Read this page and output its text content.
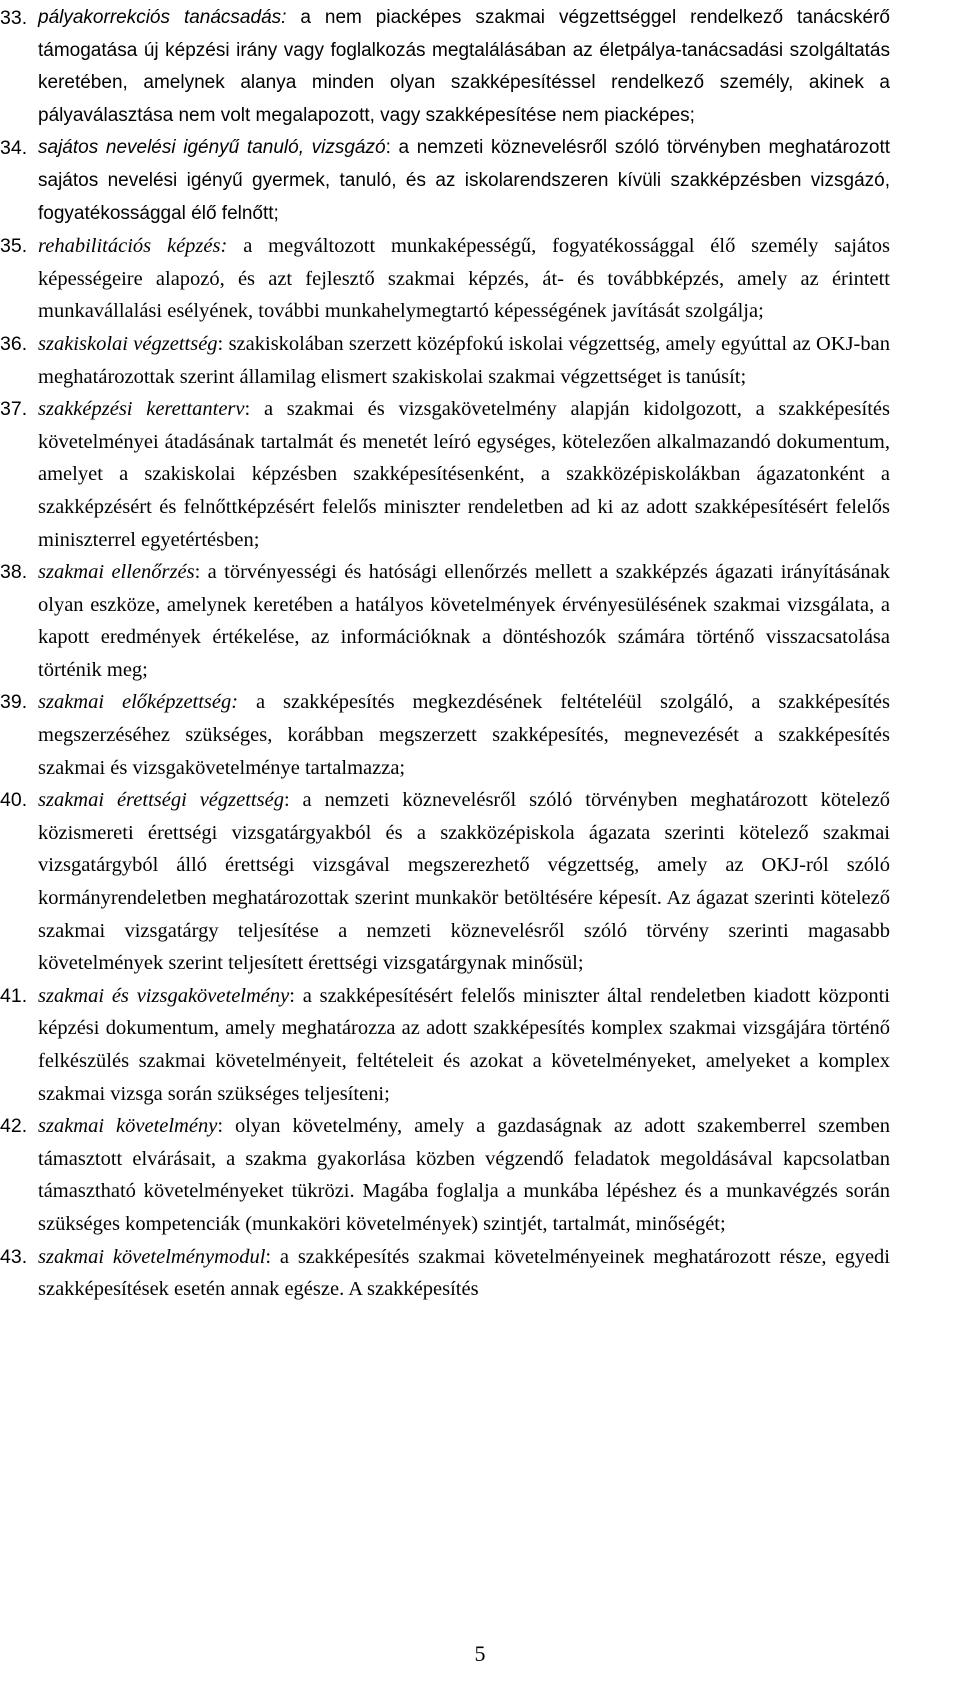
33. pályakorrekciós tanácsadás: a nem piacképes szakmai végzettséggel rendelkező tanácskérő támogatása új képzési irány vagy foglalkozás megtalálásában az életpálya-tanácsadási szolgáltatás keretében, amelynek alanya minden olyan szakképesítéssel rendelkező személy, akinek a pályaválasztása nem volt megalapozott, vagy szakképesítése nem piacképes;
34. sajátos nevelési igényű tanuló, vizsgázó: a nemzeti köznevelésről szóló törvényben meghatározott sajátos nevelési igényű gyermek, tanuló, és az iskolarendszeren kívüli szakképzésben vizsgázó, fogyatékossággal élő felnőtt;
35. rehabilitációs képzés: a megváltozott munkaképességű, fogyatékossággal élő személy sajátos képességeire alapozó, és azt fejlesztő szakmai képzés, át- és továbbképzés, amely az érintett munkavállalási esélyének, további munkahelymegtartó képességének javítását szolgálja;
36. szakiskolai végzettség: szakiskolában szerzett középfokú iskolai végzettség, amely egyúttal az OKJ-ban meghatározottak szerint államilag elismert szakiskolai szakmai végzettséget is tanúsít;
37. szakképzési kerettanterv: a szakmai és vizsgakövetelmény alapján kidolgozott, a szakképesítés követelményei átadásának tartalmát és menetét leíró egységes, kötelezően alkalmazandó dokumentum, amelyet a szakiskolai képzésben szakképesítésenként, a szakközépiskolákban ágazatonként a szakképzésért és felnőttképzésért felelős miniszter rendeletben ad ki az adott szakképesítésért felelős miniszterrel egyetértésben;
38. szakmai ellenőrzés: a törvényességi és hatósági ellenőrzés mellett a szakképzés ágazati irányításának olyan eszköze, amelynek keretében a hatályos követelmények érvényesülésének szakmai vizsgálata, a kapott eredmények értékelése, az információknak a döntéshozók számára történő visszacsatolása történik meg;
39. szakmai előképzettség: a szakképesítés megkezdésének feltételéül szolgáló, a szakképesítés megszerzéséhez szükséges, korábban megszerzett szakképesítés, megnevezését a szakképesítés szakmai és vizsgakövetelménye tartalmazza;
40. szakmai érettségi végzettség: a nemzeti köznevelésről szóló törvényben meghatározott kötelező közismereti érettségi vizsgatárgyakból és a szakközépiskola ágazata szerinti kötelező szakmai vizsgatárgyból álló érettségi vizsgával megszerezhető végzettség, amely az OKJ-ról szóló kormányrendeletben meghatározottak szerint munkakör betöltésére képesít. Az ágazat szerinti kötelező szakmai vizsgatárgy teljesítése a nemzeti köznevelésről szóló törvény szerinti magasabb követelmények szerint teljesített érettségi vizsgatárgynak minősül;
41. szakmai és vizsgakövetelmény: a szakképesítésért felelős miniszter által rendeletben kiadott központi képzési dokumentum, amely meghatározza az adott szakképesítés komplex szakmai vizsgájára történő felkészülés szakmai követelményeit, feltételeit és azokat a követelményeket, amelyeket a komplex szakmai vizsga során szükséges teljesíteni;
42. szakmai követelmény: olyan követelmény, amely a gazdaságnak az adott szakemberrel szemben támasztott elvárásait, a szakma gyakorlása közben végzendő feladatok megoldásával kapcsolatban támasztható követelményeket tükrözi. Magába foglalja a munkába lépéshez és a munkavégzés során szükséges kompetenciák (munkaköri követelmények) szintjét, tartalmát, minőségét;
43. szakmai követelménymodul: a szakképesítés szakmai követelményeinek meghatározott része, egyedi szakképesítések esetén annak egésze. A szakképesítés
5
